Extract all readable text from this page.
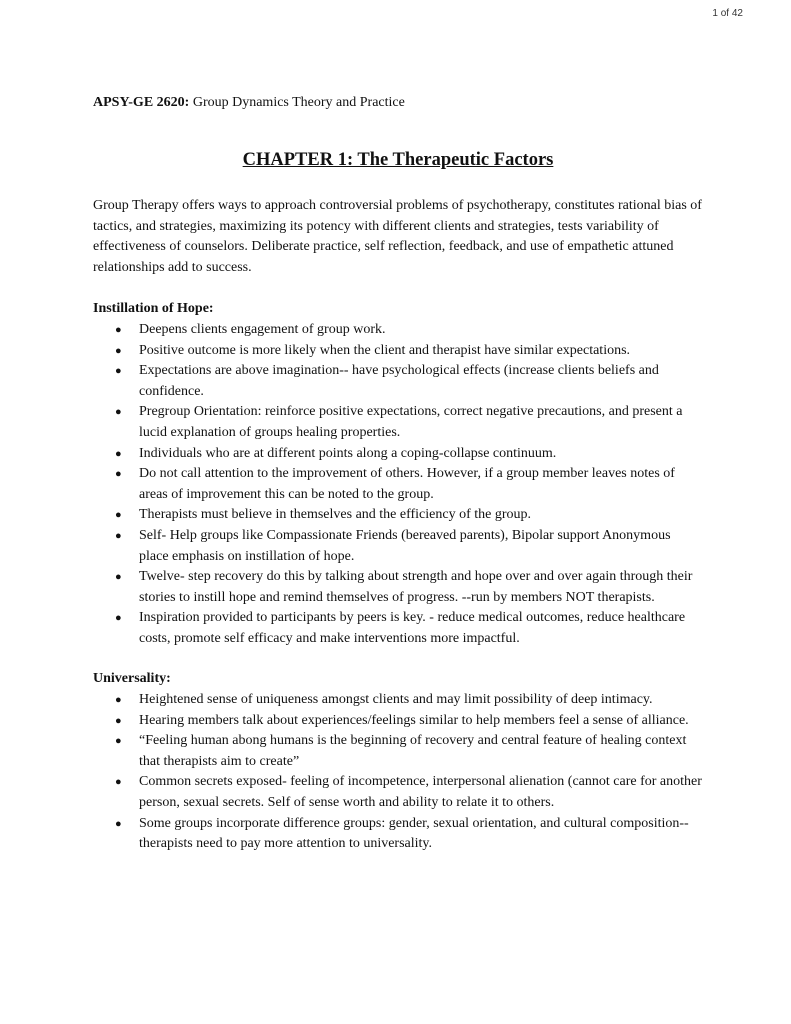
1 of 42

APSY-GE 2620: Group Dynamics Theory and Practice

CHAPTER 1: The Therapeutic Factors

Group Therapy offers ways to approach controversial problems of psychotherapy, constitutes rational bias of tactics, and strategies, maximizing its potency with different clients and strategies, tests variability of effectiveness of counselors. Deliberate practice, self reflection, feedback, and use of empathetic attuned relationships add to success.

Instillation of Hope:

● Deepens clients engagement of group work.
● Positive outcome is more likely when the client and therapist have similar expectations.
● Expectations are above imagination-- have psychological effects (increase clients beliefs and confidence.
● Pregroup Orientation: reinforce positive expectations, correct negative precautions, and present a lucid explanation of groups healing properties.
● Individuals who are at different points along a coping-collapse continuum.
● Do not call attention to the improvement of others. However, if a group member leaves notes of areas of improvement this can be noted to the group.
● Therapists must believe in themselves and the efficiency of the group.
● Self- Help groups like Compassionate Friends (bereaved parents), Bipolar support Anonymous place emphasis on instillation of hope.
● Twelve- step recovery do this by talking about strength and hope over and over again through their stories to instill hope and remind themselves of progress. --run by members NOT therapists.
● Inspiration provided to participants by peers is key. - reduce medical outcomes, reduce healthcare costs, promote self efficacy and make interventions more impactful.

Universality:

● Heightened sense of uniqueness amongst clients and may limit possibility of deep intimacy.
● Hearing members talk about experiences/feelings similar to help members feel a sense of alliance.
● “Feeling human abong humans is the beginning of recovery and central feature of healing context that therapists aim to create”
● Common secrets exposed- feeling of incompetence, interpersonal alienation (cannot care for another person, sexual secrets. Self of sense worth and ability to relate it to others.
● Some groups incorporate difference groups: gender, sexual orientation, and cultural composition-- therapists need to pay more attention to universality.
